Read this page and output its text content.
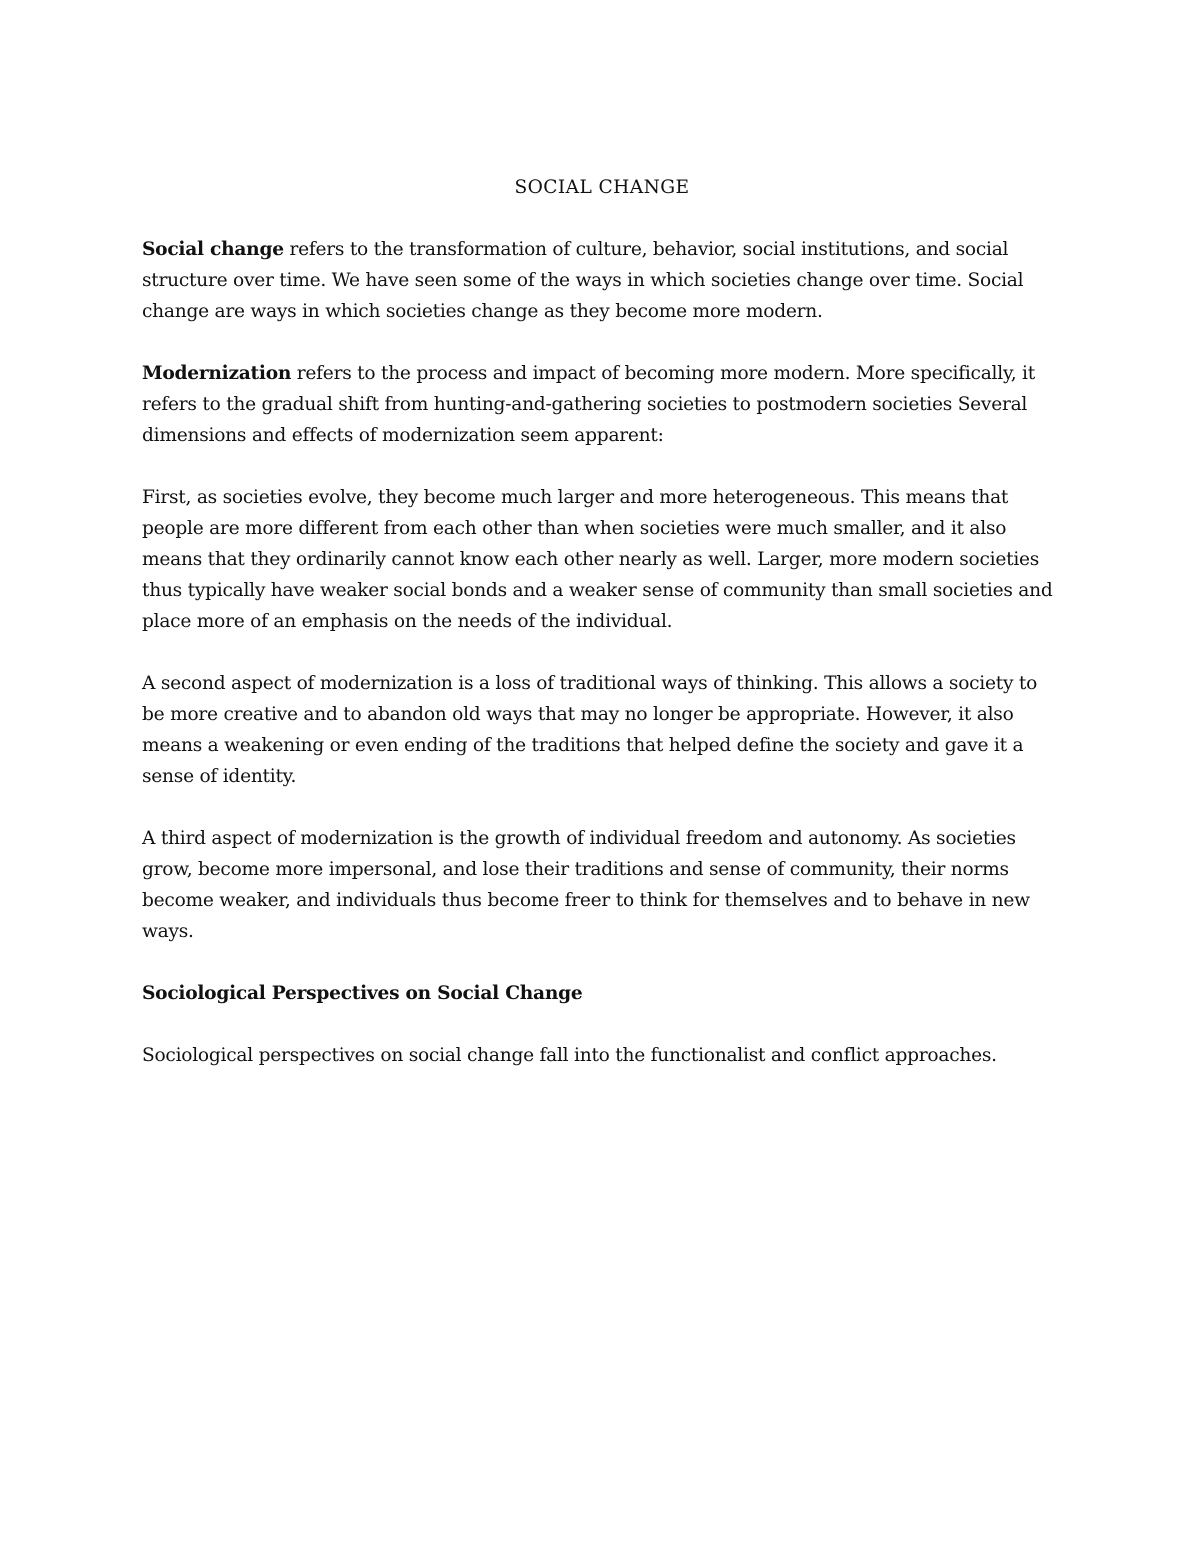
SOCIAL CHANGE

Social change refers to the transformation of culture, behavior, social institutions, and social structure over time. We have seen some of the ways in which societies change over time. Social change are ways in which societies change as they become more modern.

Modernization refers to the process and impact of becoming more modern. More specifically, it refers to the gradual shift from hunting-and-gathering societies to postmodern societies Several dimensions and effects of modernization seem apparent:

First, as societies evolve, they become much larger and more heterogeneous. This means that people are more different from each other than when societies were much smaller, and it also means that they ordinarily cannot know each other nearly as well. Larger, more modern societies thus typically have weaker social bonds and a weaker sense of community than small societies and place more of an emphasis on the needs of the individual.

A second aspect of modernization is a loss of traditional ways of thinking. This allows a society to be more creative and to abandon old ways that may no longer be appropriate. However, it also means a weakening or even ending of the traditions that helped define the society and gave it a sense of identity.

A third aspect of modernization is the growth of individual freedom and autonomy. As societies grow, become more impersonal, and lose their traditions and sense of community, their norms become weaker, and individuals thus become freer to think for themselves and to behave in new ways.

Sociological Perspectives on Social Change

Sociological perspectives on social change fall into the functionalist and conflict approaches.
